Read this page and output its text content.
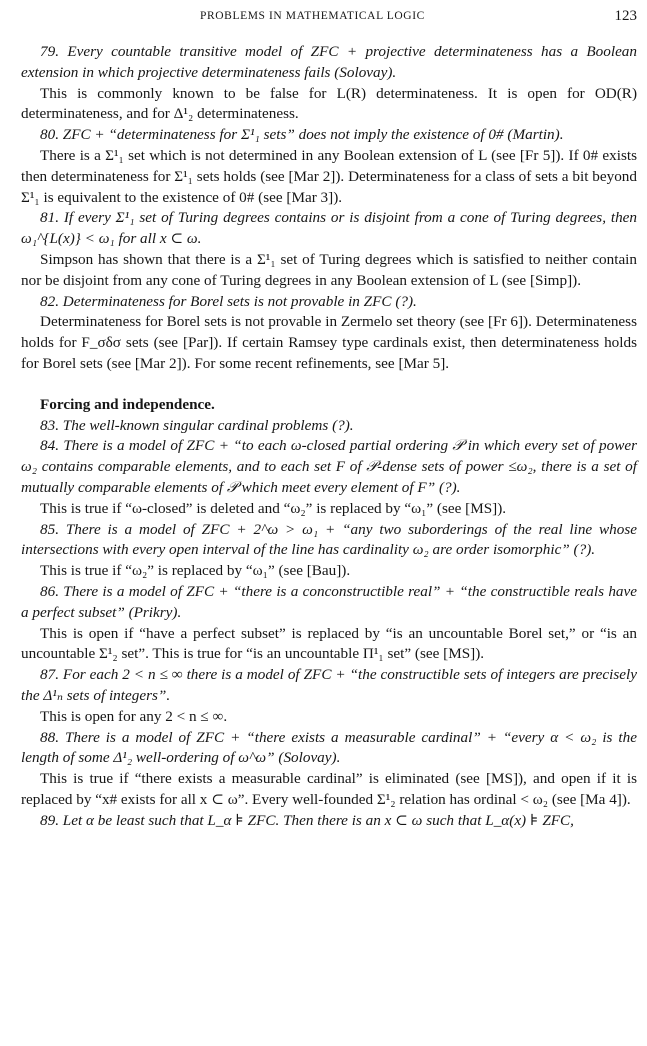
PROBLEMS IN MATHEMATICAL LOGIC	123

79. Every countable transitive model of ZFC + projective determinateness has a Boolean extension in which projective determinateness fails (Solovay).

This is commonly known to be false for L(R) determinateness. It is open for OD(R) determinateness, and for Δ¹₂ determinateness.

80. ZFC + “determinateness for Σ¹₁ sets” does not imply the existence of 0# (Martin).

There is a Σ¹₁ set which is not determined in any Boolean extension of L (see [Fr 5]). If 0# exists then determinateness for Σ¹₁ sets holds (see [Mar 2]). Determinateness for a class of sets a bit beyond Σ¹₁ is equivalent to the existence of 0# (see [Mar 3]).

81. If every Σ¹₁ set of Turing degrees contains or is disjoint from a cone of Turing degrees, then ω₁^{L(x)} < ω₁ for all x ⊂ ω.

Simpson has shown that there is a Σ¹₁ set of Turing degrees which is satisfied to neither contain nor be disjoint from any cone of Turing degrees in any Boolean extension of L (see [Simp]).

82. Determinateness for Borel sets is not provable in ZFC (?).

Determinateness for Borel sets is not provable in Zermelo set theory (see [Fr 6]). Determinateness holds for F_σδσ sets (see [Par]). If certain Ramsey type cardinals exist, then determinateness holds for Borel sets (see [Mar 2]). For some recent refinements, see [Mar 5].

Forcing and independence.

83. The well-known singular cardinal problems (?).

84. There is a model of ZFC + “to each ω-closed partial ordering 𝒫 in which every set of power ω₂ contains comparable elements, and to each set F of 𝒫-dense sets of power ≤ω₂, there is a set of mutually comparable elements of 𝒫 which meet every element of F” (?).

This is true if “ω-closed” is deleted and “ω₂” is replaced by “ω₁” (see [MS]).

85. There is a model of ZFC + 2^ω > ω₁ + “any two suborderings of the real line whose intersections with every open interval of the line has cardinality ω₂ are order isomorphic” (?).

This is true if “ω₂” is replaced by “ω₁” (see [Bau]).

86. There is a model of ZFC + “there is a conconstructible real” + “the constructible reals have a perfect subset” (Prikry).

This is open if “have a perfect subset” is replaced by “is an uncountable Borel set,” or “is an uncountable Σ¹₂ set”. This is true for “is an uncountable Π¹₁ set” (see [MS]).

87. For each 2 < n ≤ ∞ there is a model of ZFC + “the constructible sets of integers are precisely the Δ¹ₙ sets of integers”.

This is open for any 2 < n ≤ ∞.

88. There is a model of ZFC + “there exists a measurable cardinal” + “every α < ω₂ is the length of some Δ¹₂ well-ordering of ω^ω” (Solovay).

This is true if “there exists a measurable cardinal” is eliminated (see [MS]), and open if it is replaced by “x# exists for all x ⊂ ω”. Every well-founded Σ¹₂ relation has ordinal < ω₂ (see [Ma 4]).

89. Let α be least such that L_α ⊧ ZFC. Then there is an x ⊂ ω such that L_α(x) ⊧ ZFC,
